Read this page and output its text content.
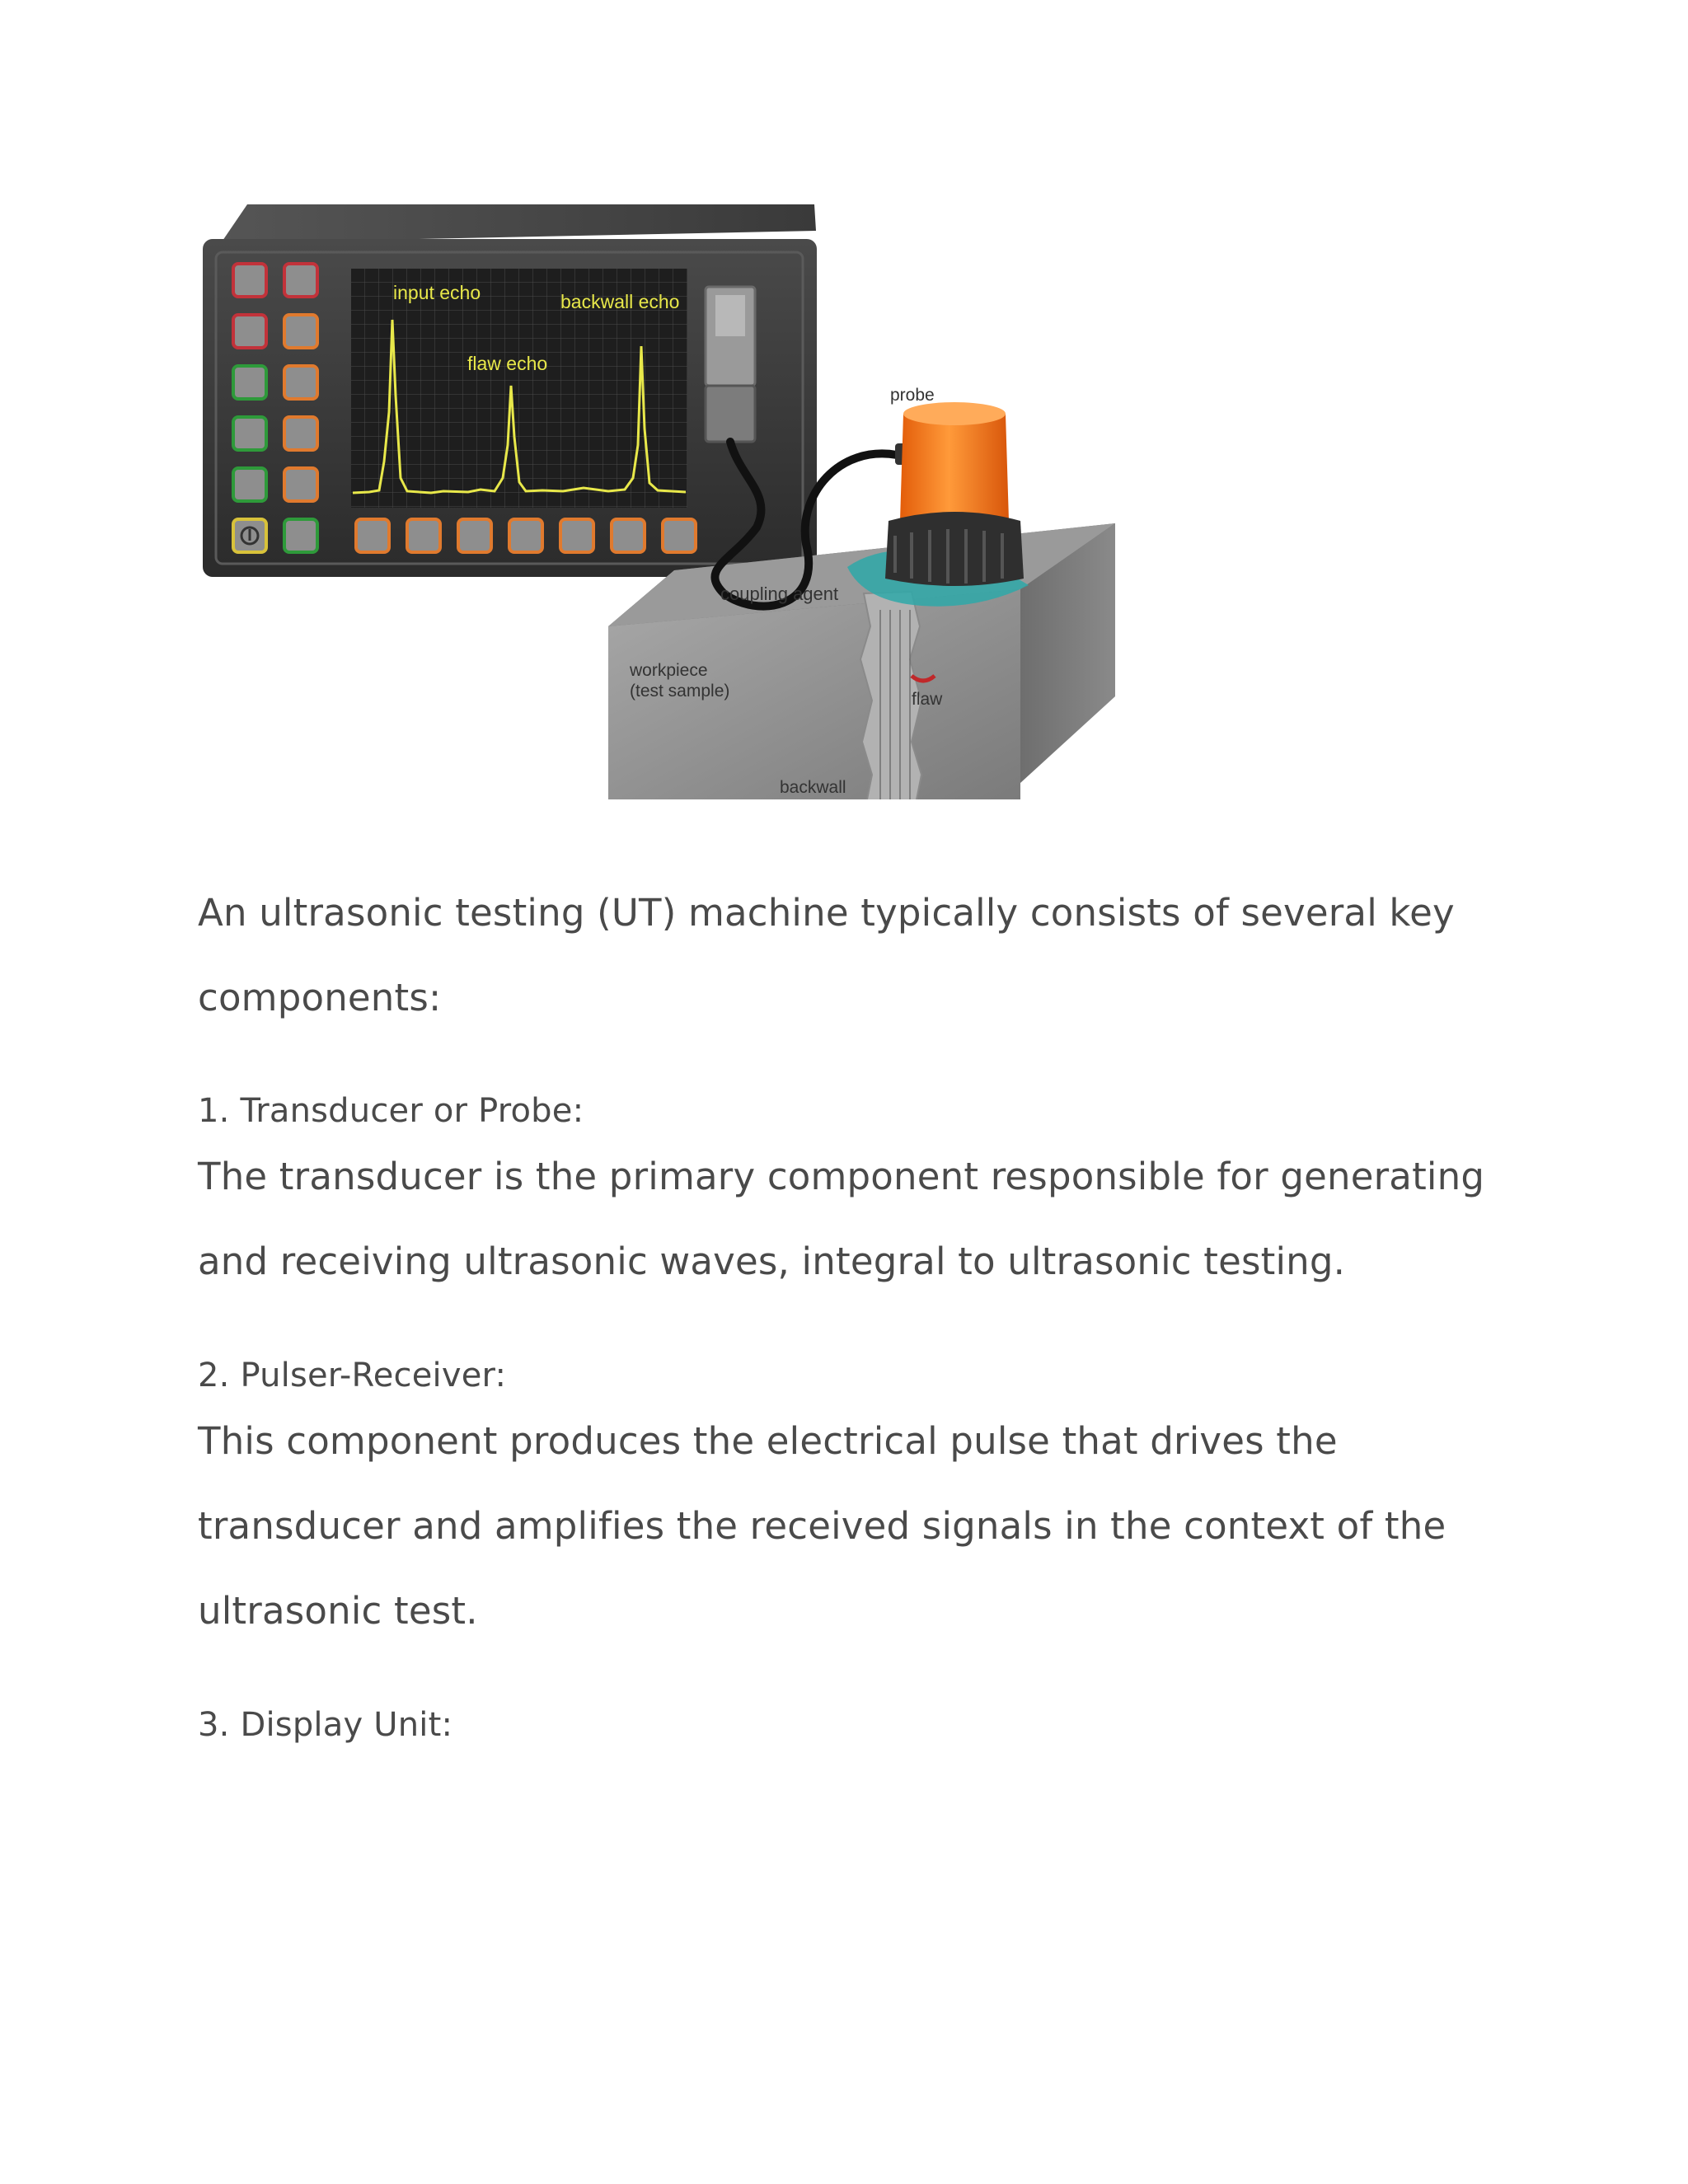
input echo
flaw echo
backwall echo
probe
coupling agent
workpiece
(test sample)	flaw
backwall

An ultrasonic testing (UT) machine typically consists of several key components:

1. Transducer or Probe:

The transducer is the primary component responsible for generating and receiving ultrasonic waves, integral to ultrasonic testing.

2. Pulser-Receiver:

This component produces the electrical pulse that drives the transducer and amplifies the received signals in the context of the ultrasonic test.

3. Display Unit:
